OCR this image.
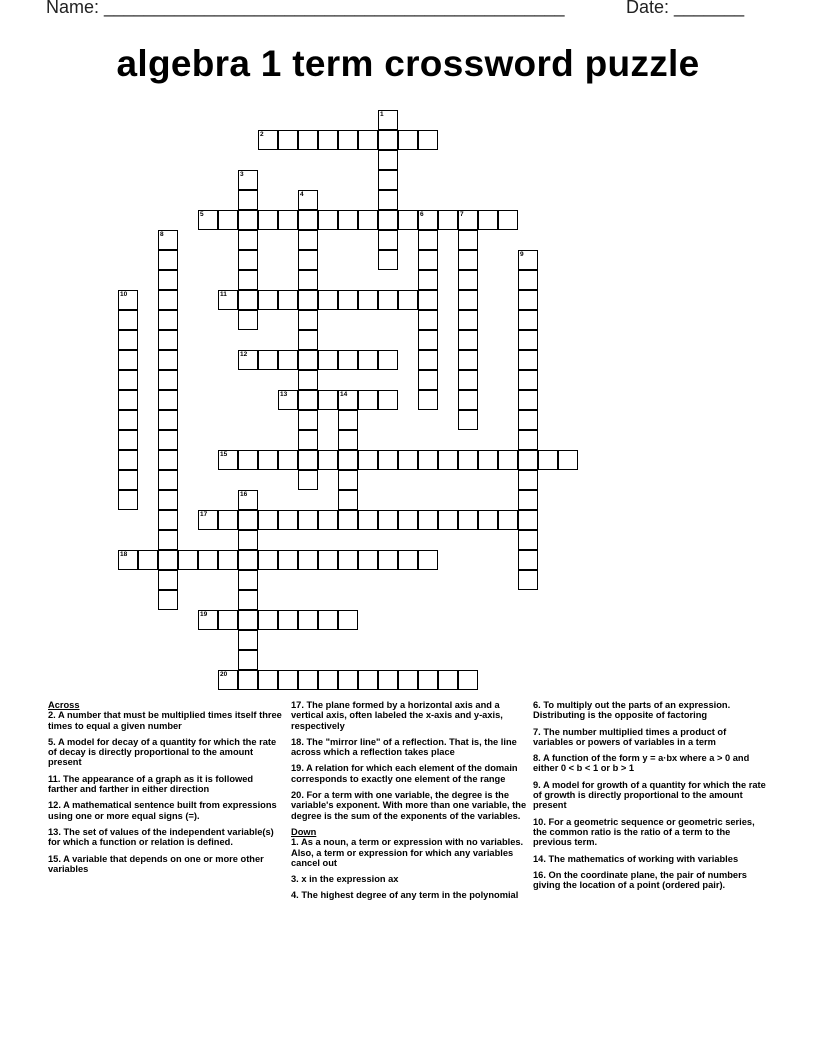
Name: ______________________________________________	Date: _______
algebra 1 term crossword puzzle
1
2
3
4
5	6	7
8
9
10	11
12
13	14
15
16
17
18
19
20
Across
2. A number that must be multiplied times itself three times to equal a given number
5. A model for decay of a quantity for which the rate of decay is directly proportional to the amount present
11. The appearance of a graph as it is followed farther and farther in either direction
12. A mathematical sentence built from expressions using one or more equal signs (=).
13. The set of values of the independent variable(s) for which a function or relation is defined.
15. A variable that depends on one or more other variables
17. The plane formed by a horizontal axis and a vertical axis, often labeled the x-axis and y-axis, respectively
18. The "mirror line" of a reflection. That is, the line across which a reflection takes place
19. A relation for which each element of the domain corresponds to exactly one element of the range
20. For a term with one variable, the degree is the variable's exponent. With more than one variable, the degree is the sum of the exponents of the variables.
Down
1. As a noun, a term or expression with no variables. Also, a term or expression for which any variables cancel out
3. x in the expression ax
4. The highest degree of any term in the polynomial
6. To multiply out the parts of an expression. Distributing is the opposite of factoring
7. The number multiplied times a product of variables or powers of variables in a term
8. A function of the form y = a·bx where a > 0 and either 0 < b < 1 or b > 1
9. A model for growth of a quantity for which the rate of growth is directly proportional to the amount present
10. For a geometric sequence or geometric series, the common ratio is the ratio of a term to the previous term.
14. The mathematics of working with variables
16. On the coordinate plane, the pair of numbers giving the location of a point (ordered pair).
